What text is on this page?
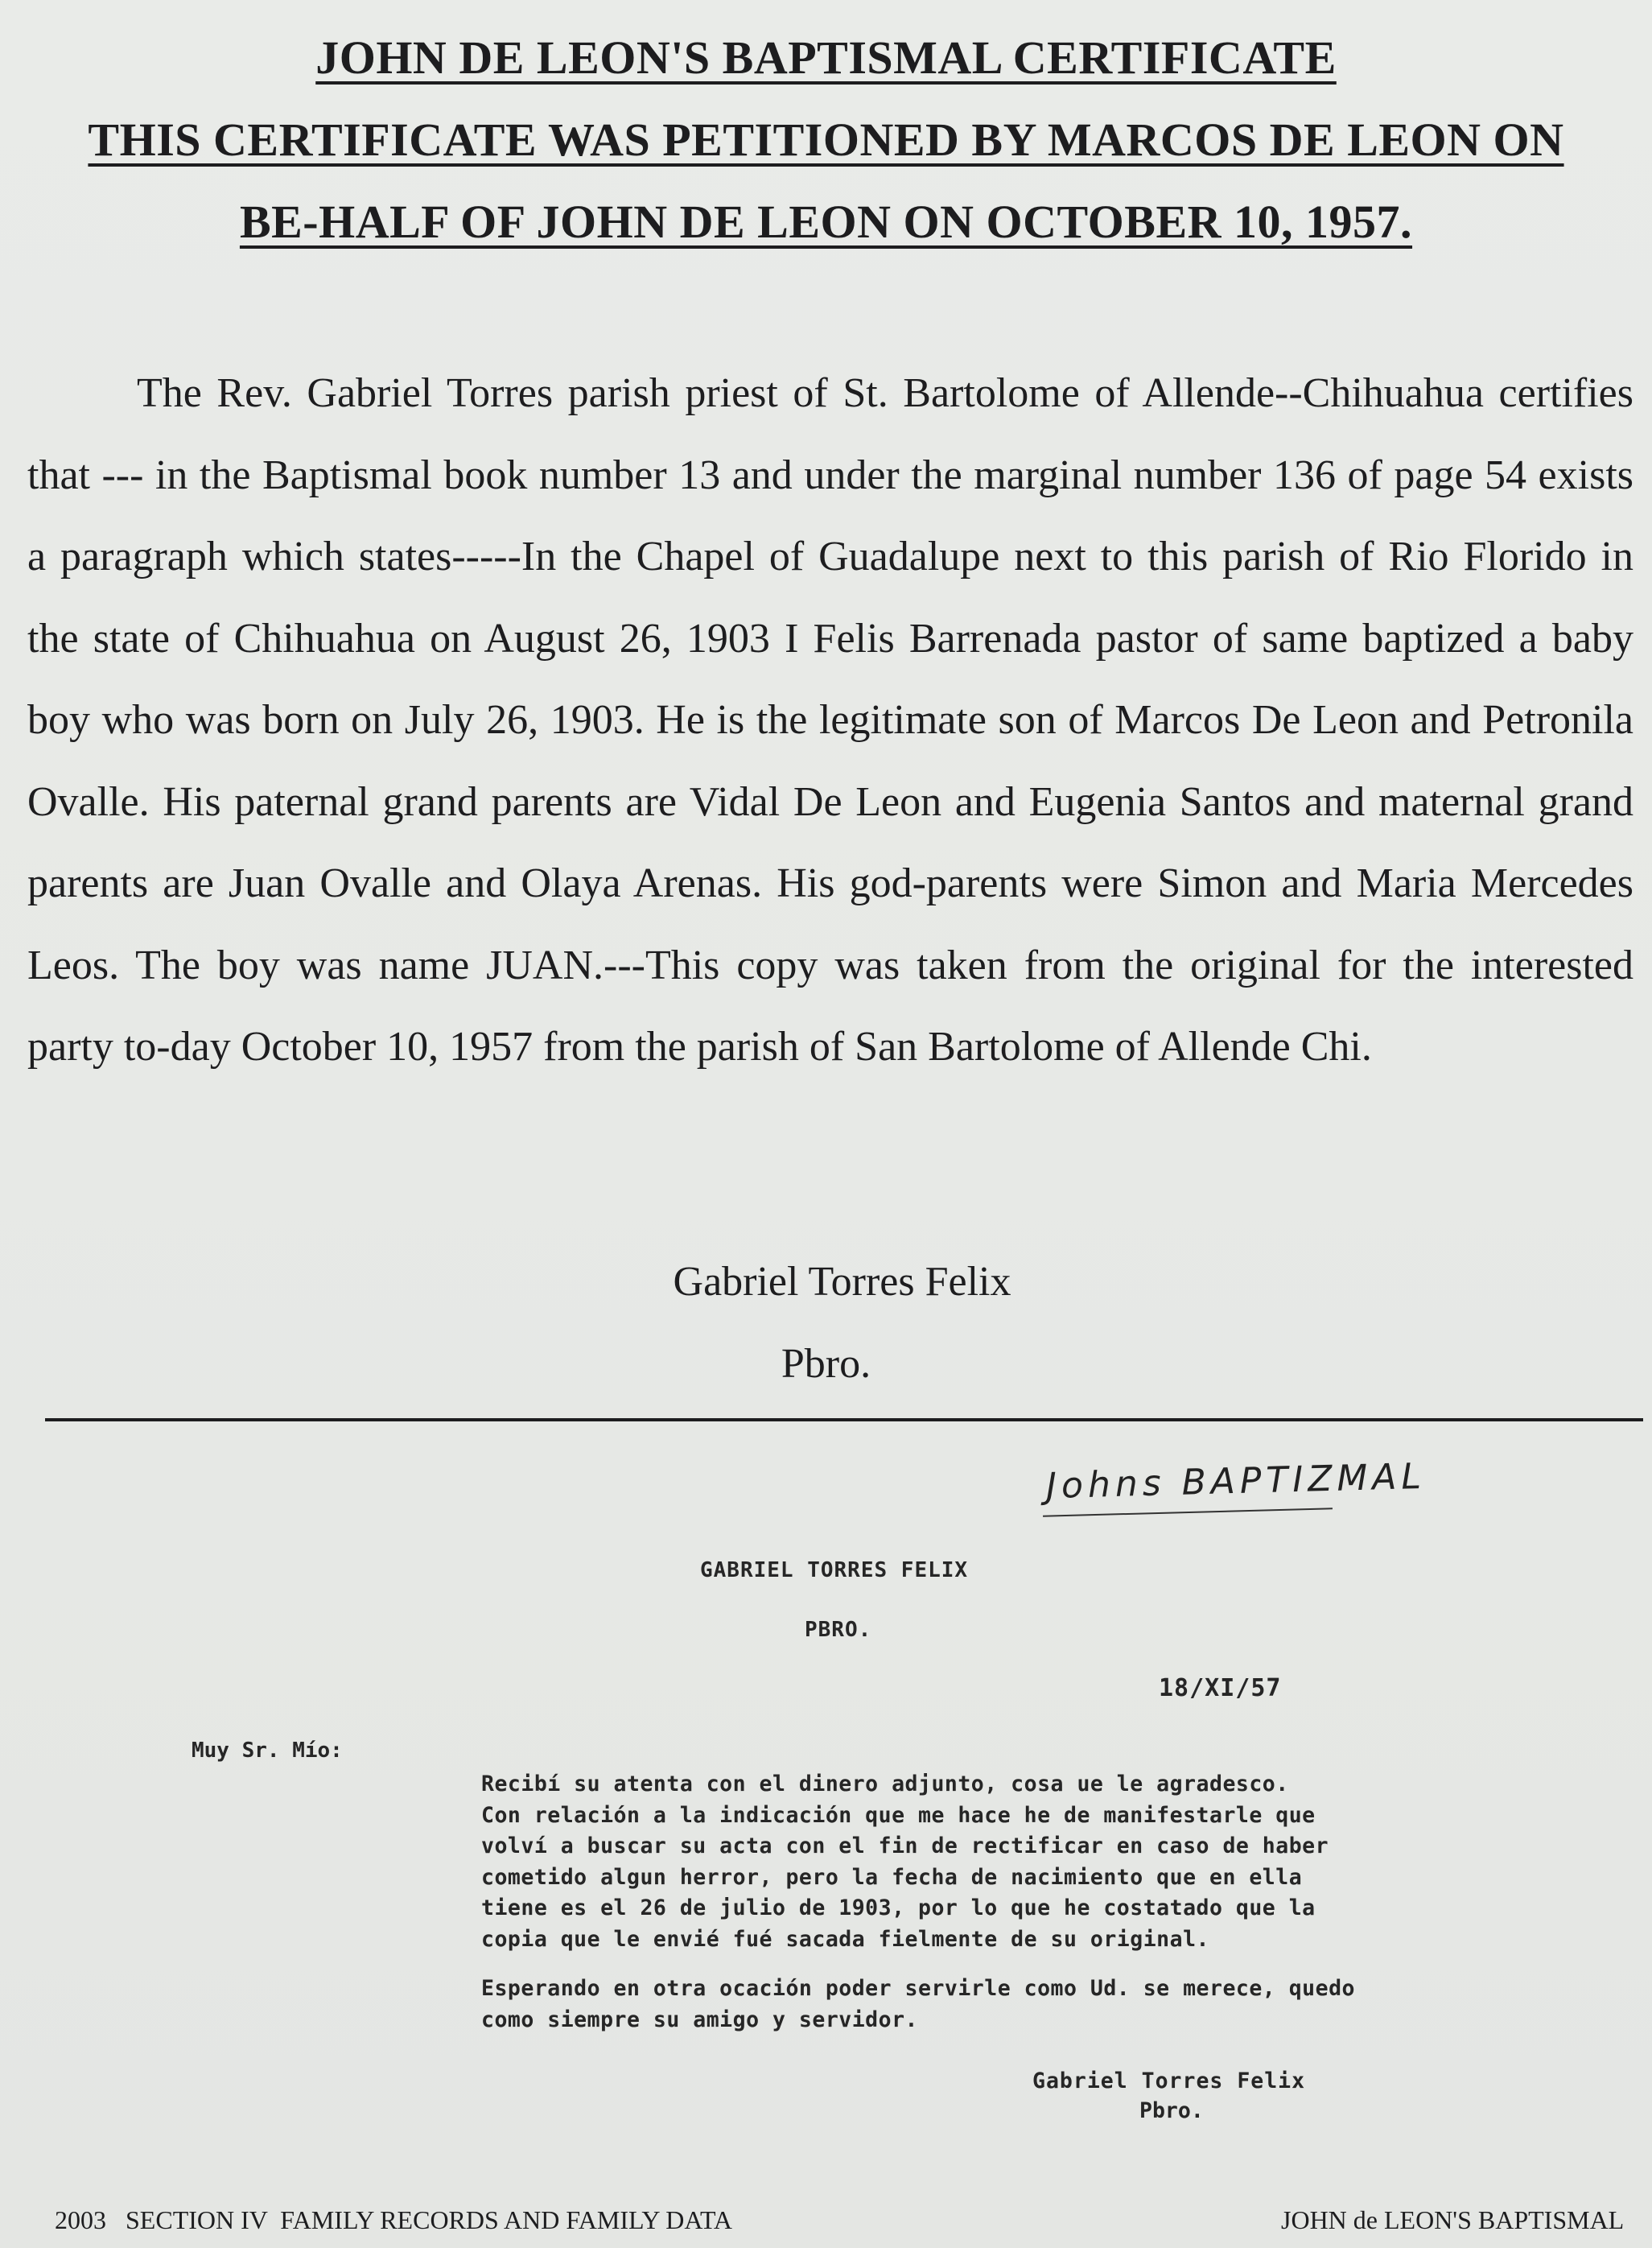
JOHN DE LEON'S BAPTISMAL CERTIFICATE
THIS CERTIFICATE WAS PETITIONED BY MARCOS DE LEON ON
BE-HALF OF JOHN DE LEON ON OCTOBER 10, 1957.
The Rev. Gabriel Torres parish priest of St. Bartolome of Allende--Chihuahua certifies that --- in the Baptismal book number 13 and under the marginal number 136 of page 54 exists a paragraph which states-----In the Chapel of Guadalupe next to this parish of Rio Florido in the state of Chihuahua on August 26, 1903 I Felis Barrenada pastor of same baptized a baby boy who was born on July 26, 1903. He is the legitimate son of Marcos De Leon and Petronila Ovalle. His paternal grand parents are Vidal De Leon and Eugenia Santos and maternal grand parents are Juan Ovalle and Olaya Arenas. His god-parents were Simon and Maria Mercedes Leos. The boy was name JUAN.---This copy was taken from the original for the interested party to-day October 10, 1957 from the parish of San Bartolome of Allende Chi.
Gabriel Torres Felix
Pbro.
Johns BAPTIZMAL
GABRIEL TORRES FELIX
PBRO.
18/XI/57
Muy Sr. Mío:
Recibí su atenta con el dinero adjunto, cosa ue le agradesco.
Con relación a la indicación que me hace he de manifestarle que
volví a buscar su acta con el fin de rectificar en caso de haber
cometido algun herror, pero la fecha de nacimiento que en ella
tiene es el 26 de julio de 1903, por lo que he costatado que la
copia que le envié fué sacada fielmente de su original.
Esperando en otra ocación poder servirle como Ud. se merece, quedo
como siempre su amigo y servidor.
Gabriel Torres Felix
Pbro.
2003   SECTION IV  FAMILY RECORDS AND FAMILY DATA	JOHN de LEON'S BAPTISMAL
